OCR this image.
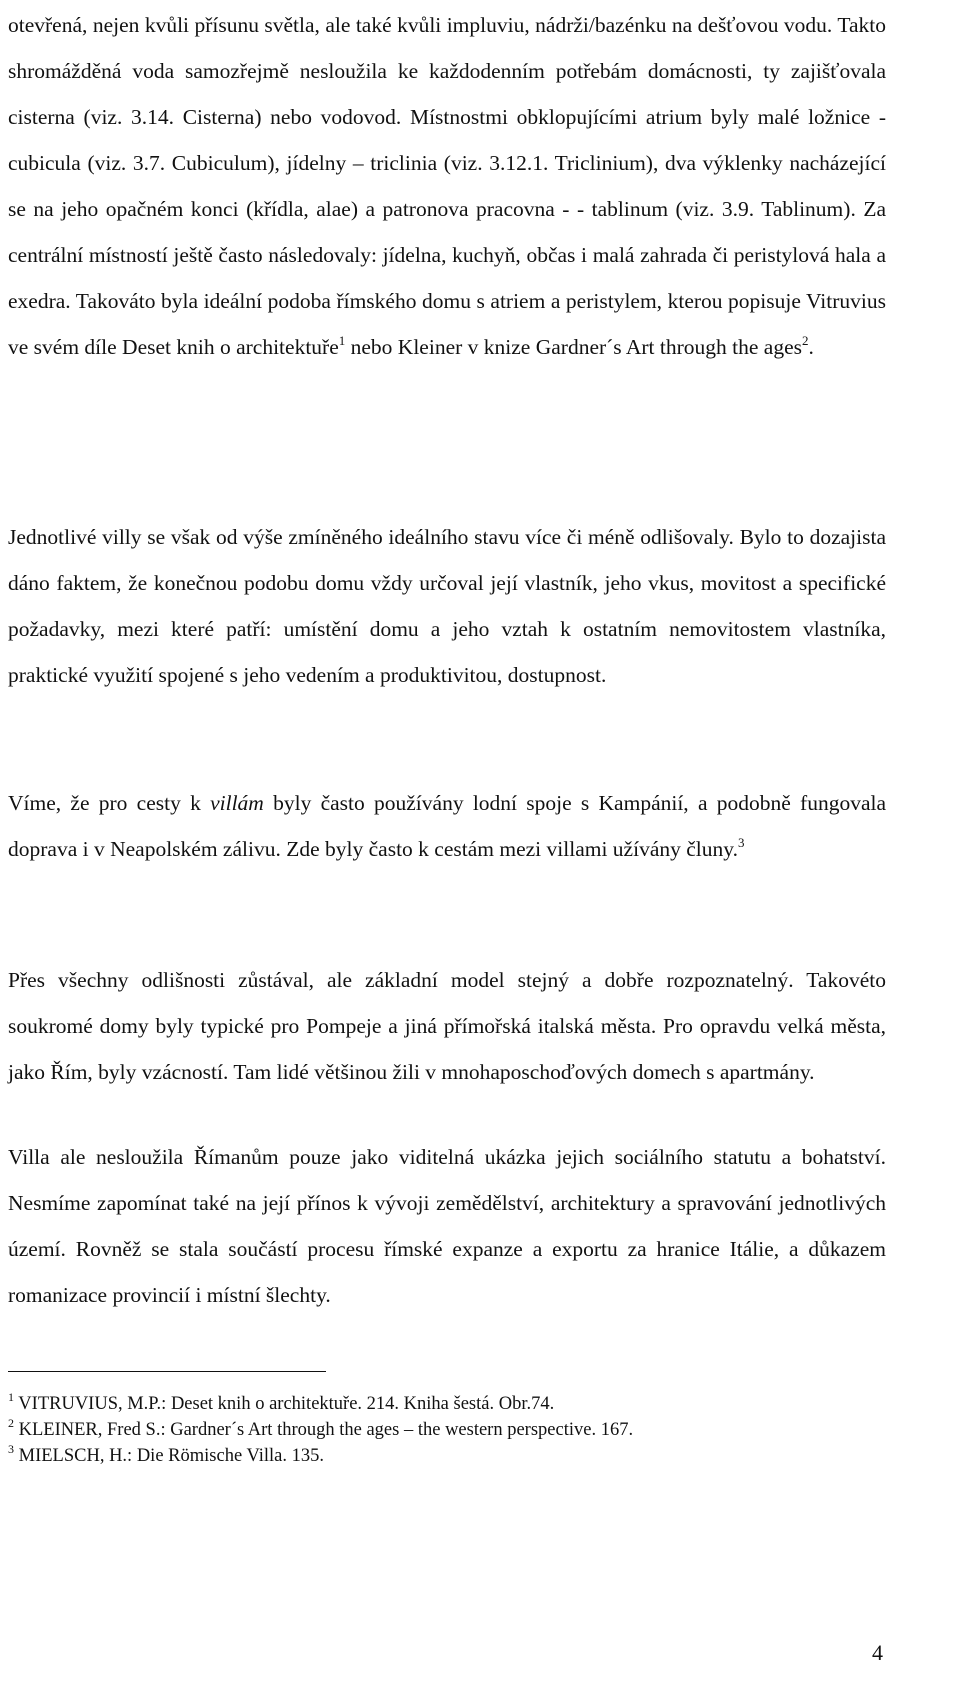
otevřená, nejen kvůli přísunu světla, ale také kvůli impluviu, nádrži/bazénku na dešťovou vodu. Takto shromážděná voda samozřejmě nesloužila ke každodenním potřebám domácnosti, ty zajišťovala cisterna (viz. 3.14. Cisterna) nebo vodovod. Místnostmi obklopujícími atrium byly malé ložnice - cubicula (viz. 3.7. Cubiculum), jídelny – triclinia (viz. 3.12.1. Triclinium), dva výklenky nacházející se na jeho opačném konci (křídla, alae) a patronova pracovna - - tablinum (viz. 3.9. Tablinum). Za centrální místností ještě často následovaly: jídelna, kuchyň, občas i malá zahrada či peristylová hala a exedra. Takováto byla ideální podoba římského domu s atriem a peristylem, kterou popisuje Vitruvius ve svém díle Deset knih o architektuře$^1$ nebo Kleiner v knize Gardner´s Art through the ages$^2$.

Jednotlivé villy se však od výše zmíněného ideálního stavu více či méně odlišovaly. Bylo to dozajista dáno faktem, že konečnou podobu domu vždy určoval její vlastník, jeho vkus, movitost a specifické požadavky, mezi které patří: umístění domu a jeho vztah k ostatním nemovitostem vlastníka, praktické využití spojené s jeho vedením a produktivitou, dostupnost.

Víme, že pro cesty k villám byly často používány lodní spoje s Kampánií, a podobně fungovala doprava i v Neapolském zálivu. Zde byly často k cestám mezi villami užívány čluny.$^3$

Přes všechny odlišnosti zůstával, ale základní model stejný a dobře rozpoznatelný. Takovéto soukromé domy byly typické pro Pompeje a jiná přímořská italská města. Pro opravdu velká města, jako Řím, byly vzácností. Tam lidé většinou žili v mnohaposchoďových domech s apartmány.

Villa ale nesloužila Římanům pouze jako viditelná ukázka jejich sociálního statutu a bohatství. Nesmíme zapomínat také na její přínos k vývoji zemědělství, architektury a spravování jednotlivých území. Rovněž se stala součástí procesu římské expanze a exportu za hranice Itálie, a důkazem romanizace provincií i místní šlechty.

$^1$ VITRUVIUS, M.P.: Deset knih o architektuře. 214. Kniha šestá. Obr.74.
$^2$ KLEINER, Fred S.: Gardner´s Art through the ages – the western perspective. 167.
$^3$ MIELSCH, H.: Die Römische Villa. 135.
4
